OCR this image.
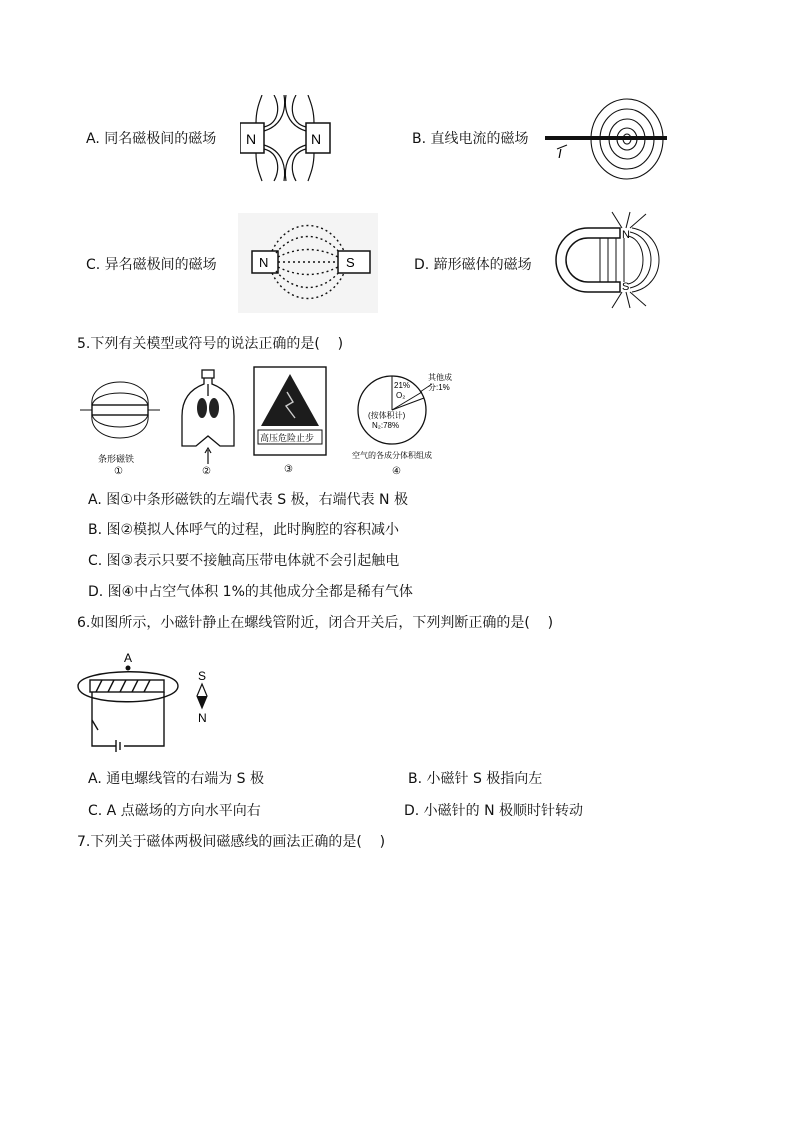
A. 同名磁极间的磁场 N	N	B. 直线电流的磁场
I
C. 异名磁极间的磁场	N	S	D. 蹄形磁体的磁场
N
S
5.下列有关模型或符号的说法正确的是(    )
条形磁铁
①	②
高压危险止步
③
21%
O₂
其他成
分:1%
(按体积计)
N₂:78%
空气的各成分体积组成
④
A. 图①中条形磁铁的左端代表 S 极，右端代表 N 极
B. 图②模拟人体呼气的过程，此时胸腔的容积减小
C. 图③表示只要不接触高压带电体就不会引起触电
D. 图④中占空气体积 1%的其他成分全都是稀有气体
6.如图所示，小磁针静止在螺线管附近，闭合开关后，下列判断正确的是(    )
A
S
N
A. 通电螺线管的右端为 S 极	B. 小磁针 S 极指向左
C. A 点磁场的方向水平向右	D. 小磁针的 N 极顺时针转动
7.下列关于磁体两极间磁感线的画法正确的是(    )
